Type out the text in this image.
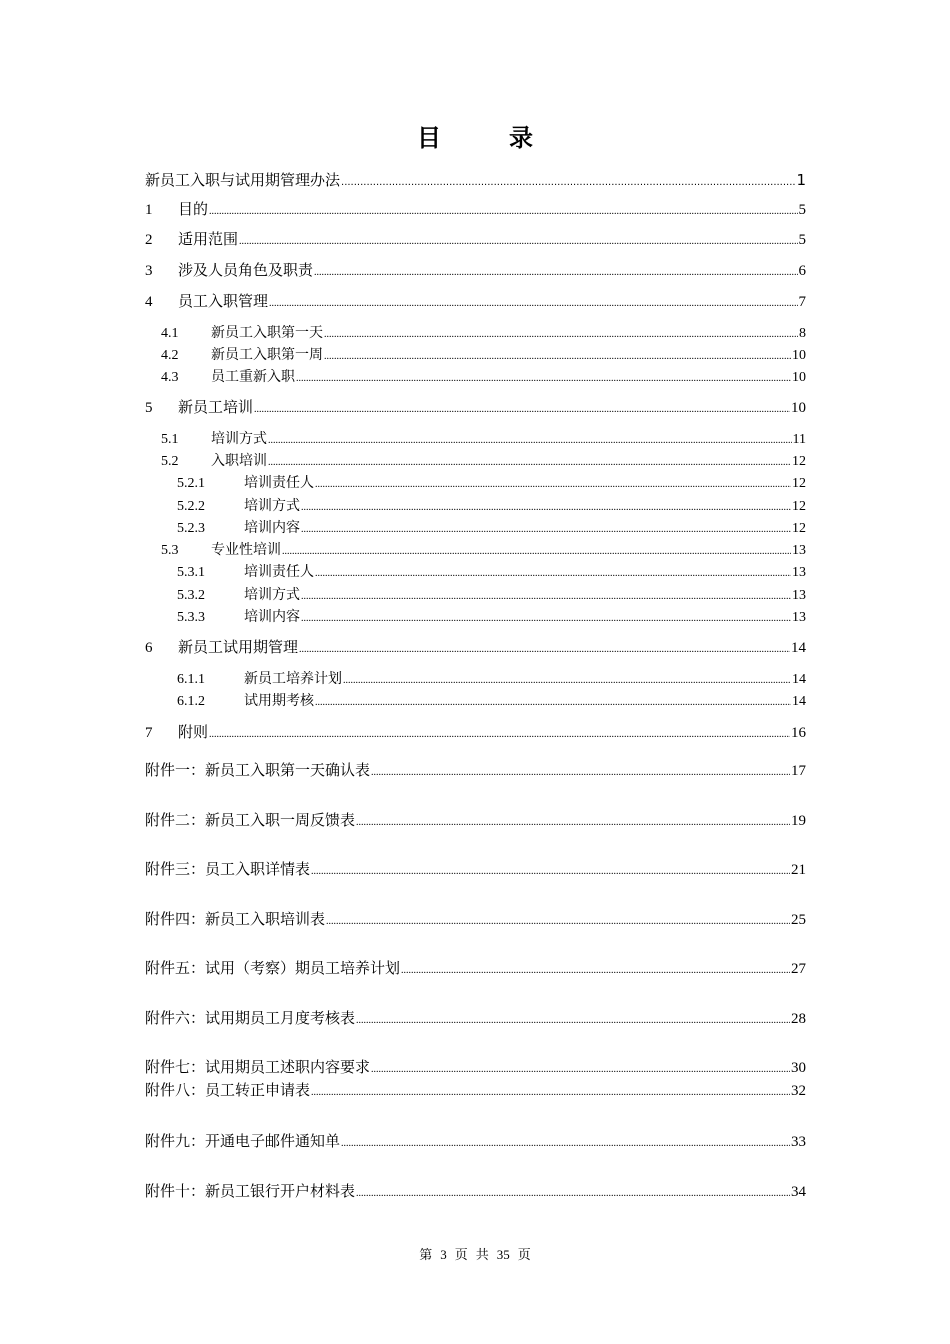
目　录
新员工入职与试用期管理办法 .....	1
1	目的 .....	5
2	适用范围 .....	5
3	涉及人员角色及职责 .....	6
4	员工入职管理 .....	7
4.1	新员工入职第一天 .....	8
4.2	新员工入职第一周 .....	10
4.3	员工重新入职 .....	10
5	新员工培训 .....	10
5.1	培训方式 .....	11
5.2	入职培训 .....	12
5.2.1	培训责任人 .....	12
5.2.2	培训方式 .....	12
5.2.3	培训内容 .....	12
5.3	专业性培训 .....	13
5.3.1	培训责任人 .....	13
5.3.2	培训方式 .....	13
5.3.3	培训内容 .....	13
6	新员工试用期管理 .....	14
6.1.1	新员工培养计划 .....	14
6.1.2	试用期考核 .....	14
7	附则 .....	16
附件一：新员工入职第一天确认表 .....	17
附件二：新员工入职一周反馈表 .....	19
附件三：员工入职详情表 .....	21
附件四：新员工入职培训表 .....	25
附件五：试用（考察）期员工培养计划 .....	27
附件六：试用期员工月度考核表 .....	28
附件七：试用期员工述职内容要求 .....	30
附件八：员工转正申请表 .....	32
附件九：开通电子邮件通知单 .....	33
附件十：新员工银行开户材料表 .....	34
第 3 页 共 35 页
